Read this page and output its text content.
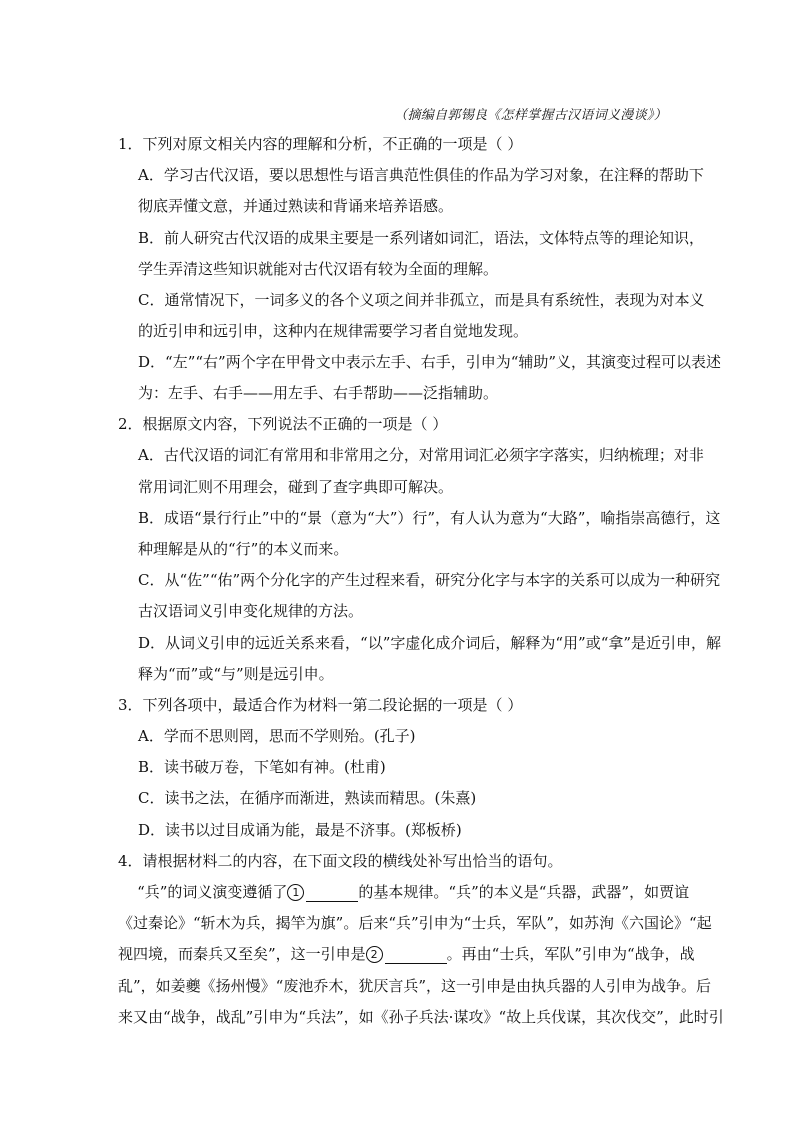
（摘编自郭锡良《怎样掌握古汉语词义漫谈》）
1．下列对原文相关内容的理解和分析，不正确的一项是（ ）
A．学习古代汉语，要以思想性与语言典范性俱佳的作品为学习对象，在注释的帮助下
彻底弄懂文意，并通过熟读和背诵来培养语感。
B．前人研究古代汉语的成果主要是一系列诸如词汇，语法，文体特点等的理论知识，
学生弄清这些知识就能对古代汉语有较为全面的理解。
C．通常情况下，一词多义的各个义项之间并非孤立，而是具有系统性，表现为对本义
的近引申和远引申，这种内在规律需要学习者自觉地发现。
D．“左”“右”两个字在甲骨文中表示左手、右手，引申为“辅助”义，其演变过程可以表述
为：左手、右手——用左手、右手帮助——泛指辅助。
2．根据原文内容，下列说法不正确的一项是（ ）
A．古代汉语的词汇有常用和非常用之分，对常用词汇必须字字落实，归纳梳理；对非
常用词汇则不用理会，碰到了查字典即可解决。
B．成语“景行行止”中的“景（意为“大”）行”，有人认为意为“大路”，喻指崇高德行，这
种理解是从的“行”的本义而来。
C．从“佐”“佑”两个分化字的产生过程来看，研究分化字与本字的关系可以成为一种研究
古汉语词义引申变化规律的方法。
D．从词义引申的远近关系来看，“以”字虚化成介词后，解释为“用”或“拿”是近引申，解
释为“而”或“与”则是远引申。
3．下列各项中，最适合作为材料一第二段论据的一项是（ ）
A．学而不思则罔，思而不学则殆。(孔子)
B．读书破万卷，下笔如有神。(杜甫)
C．读书之法，在循序而渐进，熟读而精思。(朱熹)
D．读书以过目成诵为能，最是不济事。(郑板桥)
4．请根据材料二的内容，在下面文段的横线处补写出恰当的语句。
“兵”的词义演变遵循了 1	的基本规律。“兵”的本义是“兵器，武器”，如贾谊
《过秦论》“斩木为兵，揭竿为旗”。后来“兵”引申为“士兵，军队”，如苏洵《六国论》“起
视四境，而秦兵又至矣”，这一引申是 2	。再由“士兵，军队”引申为“战争，战
乱”，如姜夔《扬州慢》“废池乔木，犹厌言兵”，这一引申是由执兵器的人引申为战争。后
来又由“战争，战乱”引申为“兵法”，如《孙子兵法·谋攻》“故上兵伐谋，其次伐交”，此时引
